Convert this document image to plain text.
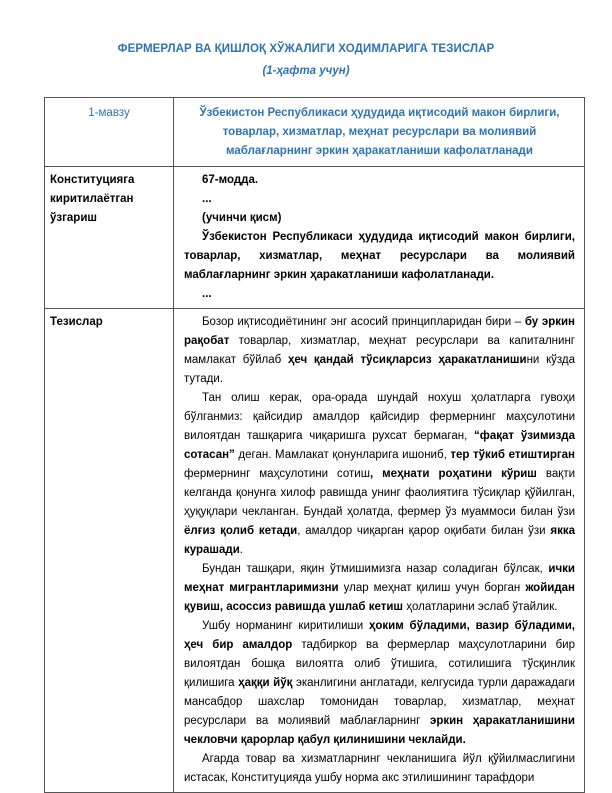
ФЕРМЕРЛАР ВА ҚИШЛОҚ ХЎЖАЛИГИ ХОДИМЛАРИГА ТЕЗИСЛАР
(1-ҳафта учун)
1-мавзу	Ўзбекистон Республикаси ҳудудида иқтисодий макон бирлиги, товарлар, хизматлар, меҳнат ресурслари ва молиявий маблағларнинг эркин ҳаракатланиши кафолатланади
Конституцияга киритилаётган ўзгариш	67-модда.

...

(учинчи қисм)

Ўзбекистон Республикаси ҳудудида иқтисодий макон бирлиги, товарлар, хизматлар, меҳнат ресурслари ва молиявий маблағларнинг эркин ҳаракатланиши кафолатланади.

...

Тезислар	Бозор иқтисодиётининг энг асосий принципларидан бири – бу эркин рақобат товарлар, хизматлар, меҳнат ресурслари ва капиталнинг мамлакат бўйлаб ҳеч қандай тўсиқларсиз ҳаракатланишини кўзда тутади.

Тан олиш керак, ора-орада шундай нохуш ҳолатларга гувоҳи бўлганмиз: қайсидир амалдор қайсидир фермернинг маҳсулотини вилоятдан ташқарига чиқаришга рухсат бермаган, “фақат ўзимизда сотасан” деган. Мамлакат қонунларига ишониб, тер тўкиб етиштирган фермернинг маҳсулотини сотиш, меҳнати роҳатини кўриш вақти келганда қонунга хилоф равишда унинг фаолиятига тўсиқлар қўйилган, ҳуқуқлари чекланган. Бундай ҳолатда, фермер ўз муаммоси билан ўзи ёлғиз қолиб кетади, амалдор чиқарган қарор оқибати билан ўзи якка курашади.

Бундан ташқари, яқин ўтмишимизга назар соладиган бўлсак, ички меҳнат мигрантларимизни улар меҳнат қилиш учун борган жойидан қувиш, асоссиз равишда ушлаб кетиш ҳолатларини эслаб ўтайлик.

Ушбу норманинг киритилиши ҳоким бўладими, вазир бўладими, ҳеч бир амалдор тадбиркор ва фермерлар маҳсулотларини бир вилоятдан бошқа вилоятга олиб ўтишига, сотилишига тўсқинлик қилишига ҳаққи йўқ эканлигини англатади, келгусида турли даражадаги мансабдор шахслар томонидан товарлар, хизматлар, меҳнат ресурслари ва молиявий маблағларнинг эркин ҳаракатланишини чекловчи қарорлар қабул қилинишини чеклайди.

Агарда товар ва хизматларнинг чекланишига йўл қўйилмаслигини истасак, Конституцияда ушбу норма акс этилишининг тарафдори
